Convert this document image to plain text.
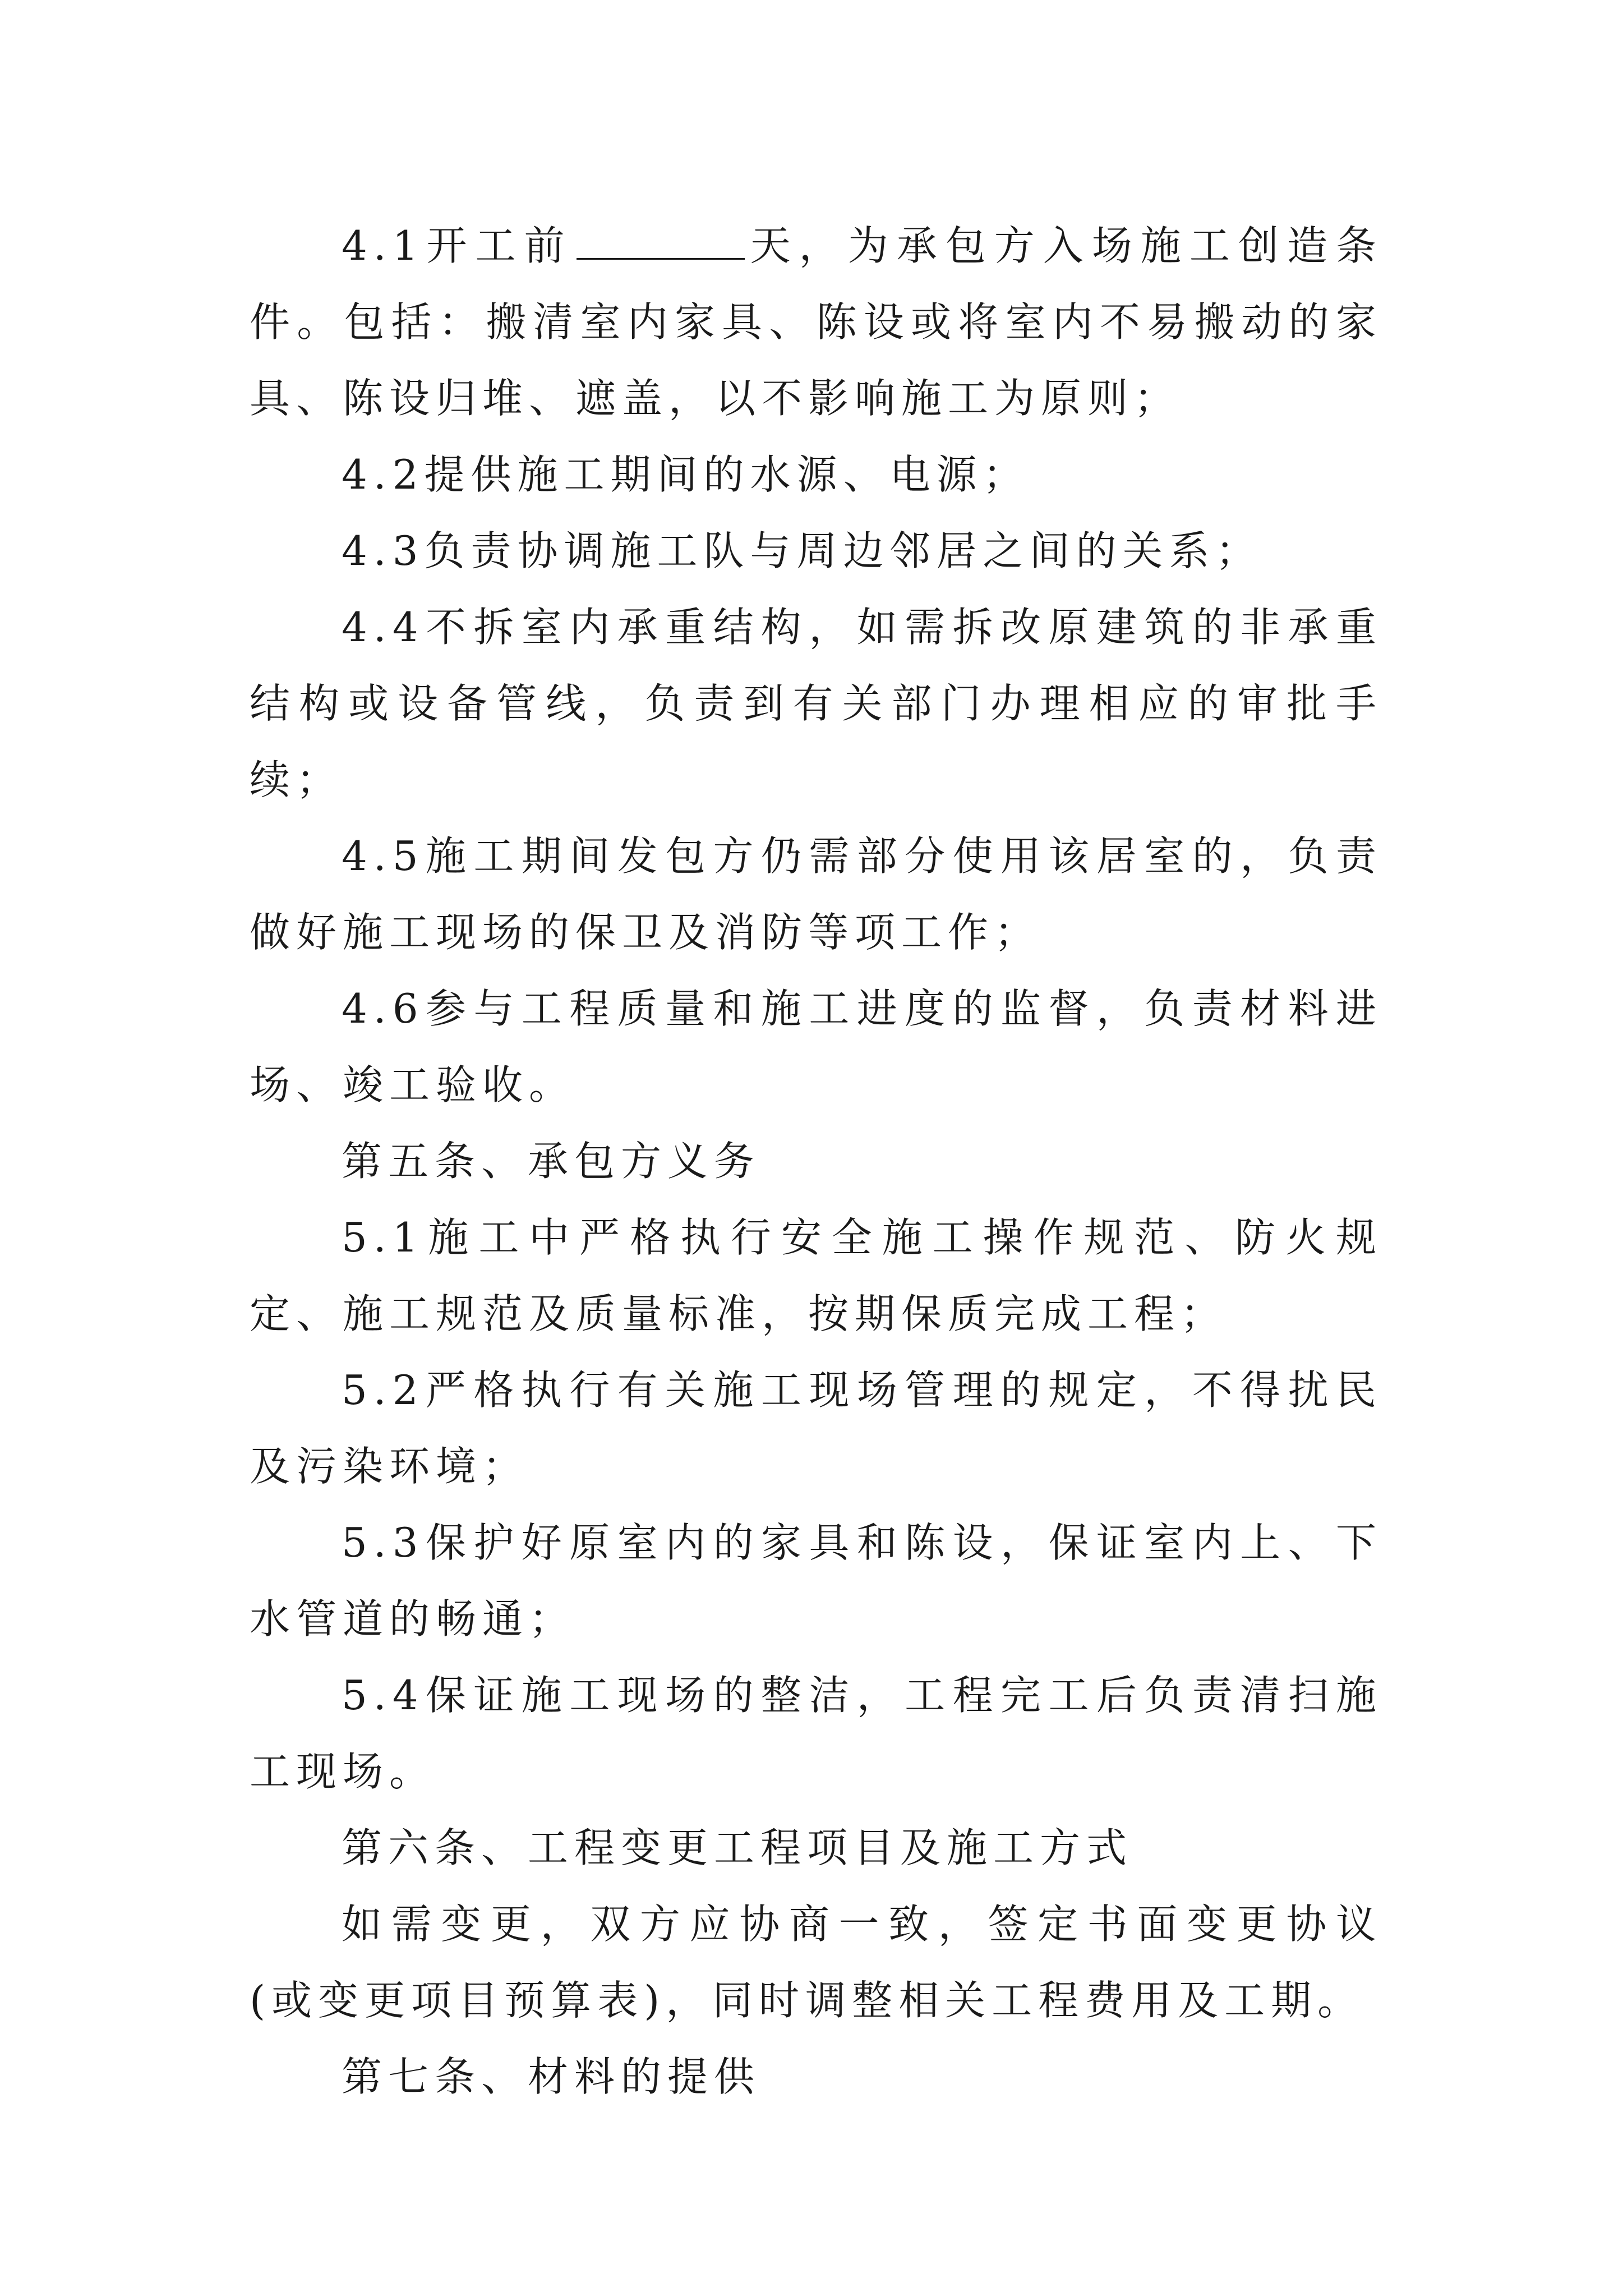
4.1开工前	天，为承包方入场施工创造条件。包括：搬清室内家具、陈设或将室内不易搬动的家具、陈设归堆、遮盖，以不影响施工为原则；

4.2提供施工期间的水源、电源；

4.3负责协调施工队与周边邻居之间的关系；

4.4不拆室内承重结构，如需拆改原建筑的非承重结构或设备管线，负责到有关部门办理相应的审批手续；

4.5施工期间发包方仍需部分使用该居室的，负责做好施工现场的保卫及消防等项工作；

4.6参与工程质量和施工进度的监督，负责材料进场、竣工验收。

第五条、承包方义务

5.1施工中严格执行安全施工操作规范、防火规定、施工规范及质量标准，按期保质完成工程；

5.2严格执行有关施工现场管理的规定，不得扰民及污染环境；

5.3保护好原室内的家具和陈设，保证室内上、下水管道的畅通；

5.4保证施工现场的整洁，工程完工后负责清扫施工现场。

第六条、工程变更工程项目及施工方式

如需变更，双方应协商一致，签定书面变更协议(或变更项目预算表)，同时调整相关工程费用及工期。

第七条、材料的提供
